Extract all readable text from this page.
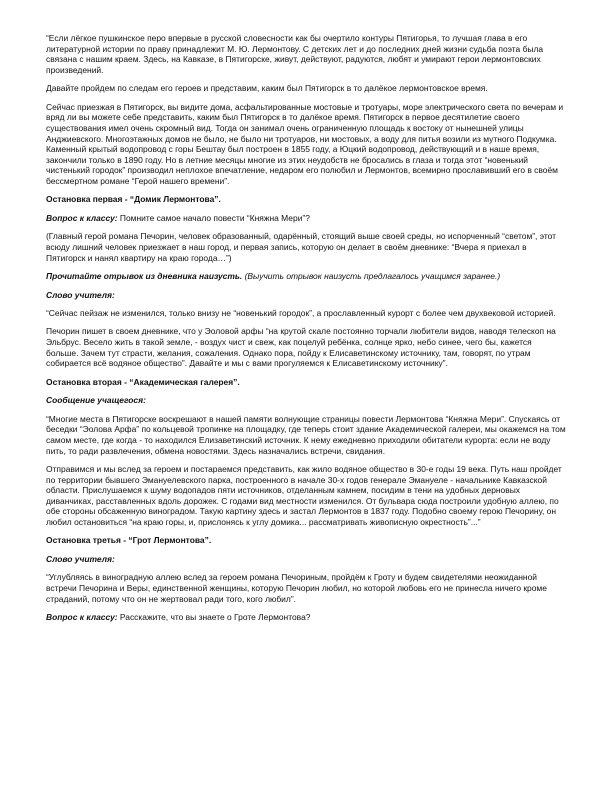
“Если лёгкое пушкинское перо впервые в русской словесности как бы очертило контуры Пятигорья, то лучшая глава в его литературной истории по праву принадлежит М. Ю. Лермонтову. С детских лет и до последних дней жизни судьба поэта была связана с нашим краем. Здесь, на Кавказе, в Пятигорске, живут, действуют, радуются, любят и умирают герои лермонтовских произведений.

Давайте пройдем по следам его героев и представим, каким был Пятигорск в то далёкое лермонтовское время.

Сейчас приезжая в Пятигорск, вы видите дома, асфальтированные мостовые и тротуары, море электрического света по вечерам и вряд ли вы можете себе представить, каким был Пятигорск в то далёкое время. Пятигорск в первое десятилетие своего существования имел очень скромный вид. Тогда он занимал очень ограниченную площадь к востоку от нынешней улицы Анджиевского. Многоэтажных домов не было, не было ни тротуаров, ни мостовых, а воду для питья возили из мутного Подкумка. Каменный крытый водопровод с горы Бештау был построен в 1855 году, а Юцкий водопровод, действующий и в наше время, закончили только в 1890 году. Но в летние месяцы многие из этих неудобств не бросались в глаза и тогда этот “новенький чистенький городок” производил неплохое впечатление, недаром его полюбил и Лермонтов, всемирно прославивший его в своём бессмертном романе “Герой нашего времени”.

Остановка первая - “Домик Лермонтова”.

Вопрос к классу: Помните самое начало повести “Княжна Мери”?

(Главный герой романа Печорин, человек образованный, одарённый, стоящий выше своей среды, но испорченный “светом”, этот всюду лишний человек приезжает в наш город, и первая запись, которую он делает в своём дневнике: “Вчера я приехал в Пятигорск и нанял квартиру на краю города…”)

Прочитайте отрывок из дневника наизусть. (Выучить отрывок наизусть предлагалось учащимся заранее.)

Слово учителя:

“Сейчас пейзаж не изменился, только внизу не “новенький городок”, а прославленный курорт с более чем двухвековой историей.

Печорин пишет в своем дневнике, что у Эоловой арфы “на крутой скале постоянно торчали любители видов, наводя телескоп на Эльбрус. Весело жить в такой земле, - воздух чист и свеж, как поцелуй ребёнка, солнце ярко, небо синее, чего бы, кажется больше. Зачем тут страсти, желания, сожаления. Однако пора, пойду к Елисаветинскому источнику, там, говорят, по утрам собирается всё водяное общество”. Давайте и мы с вами прогуляемся к Елисаветинскому источнику”.

Остановка вторая - “Академическая галерея”.

Сообщение учащегося:

“Многие места в Пятигорске воскрешают в нашей памяти волнующие страницы повести Лермонтова “Княжна Мери”. Спускаясь от беседки “Эолова Арфа” по кольцевой тропинке на площадку, где теперь стоит здание Академической галереи, мы окажемся на том самом месте, где когда - то находился Елизаветинский источник. К нему ежедневно приходили обитатели курорта: если не воду пить, то ради развлечения, обмена новостями. Здесь назначались встречи, свидания.

Отправимся и мы вслед за героем и постараемся представить, как жило водяное общество в 30-е годы 19 века. Путь наш пройдет по территории бывшего Эмануелевского парка, построенного в начале 30-х годов генерале Эмануеле - начальнике Кавказской области. Прислушаемся к шуму водопадов пяти источников, отделанным камнем, посидим в тени на удобных дерновых диванчиках, расставленных вдоль дорожек. С годами вид местности изменился. От бульвара сюда построили удобную аллею, по обе стороны обсаженную виноградом. Такую картину здесь и застал Лермонтов в 1837 году. Подобно своему герою Печорину, он любил остановиться “на краю горы, и, прислонясь к углу домика... рассматривать живописную окрестность”...”

Остановка третья - “Грот Лермонтова”.

Слово учителя:

“Углубляясь в виноградную аллею вслед за героем романа Печориным, пройдём к Гроту и будем свидетелями неожиданной встречи Печорина и Веры, единственной женщины, которую Печорин любил, но которой любовь его не принесла ничего кроме страданий, потому что он не жертвовал ради того, кого любил”.

Вопрос к классу: Расскажите, что вы знаете о Гроте Лермонтова?
